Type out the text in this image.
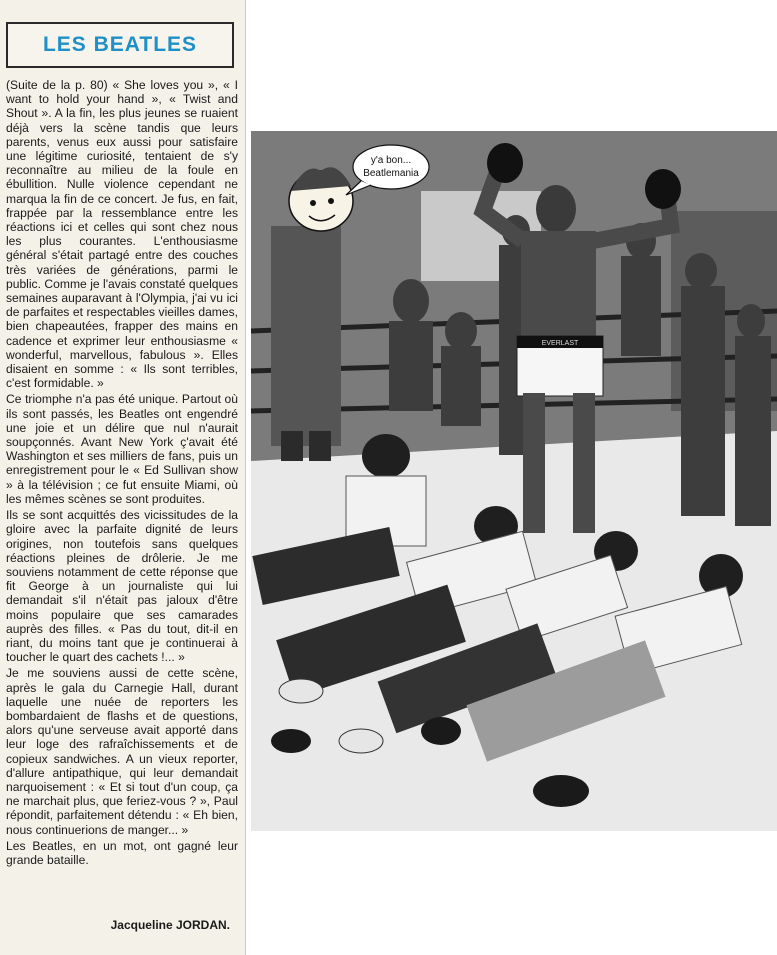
LES BEATLES

(Suite de la p. 80) « She loves you », « I want to hold your hand », « Twist and Shout ». A la fin, les plus jeunes se ruaient déjà vers la scène tandis que leurs parents, venus eux aussi pour satisfaire une légitime curiosité, tentaient de s'y reconnaître au milieu de la foule en ébullition. Nulle violence cependant ne marqua la fin de ce concert. Je fus, en fait, frappée par la ressemblance entre les réactions ici et celles qui sont chez nous les plus courantes. L'enthousiasme général s'était partagé entre des couches très variées de générations, parmi le public. Comme je l'avais constaté quelques semaines auparavant à l'Olympia, j'ai vu ici de parfaites et respectables vieilles dames, bien chapeautées, frapper des mains en cadence et exprimer leur enthousiasme « wonderful, marvellous, fabulous ». Elles disaient en somme : « Ils sont terribles, c'est formidable. »

Ce triomphe n'a pas été unique. Partout où ils sont passés, les Beatles ont engendré une joie et un délire que nul n'aurait soupçonnés. Avant New York ç'avait été Washington et ses milliers de fans, puis un enregistrement pour le « Ed Sullivan show » à la télévision ; ce fut ensuite Miami, où les mêmes scènes se sont produites.

Ils se sont acquittés des vicissitudes de la gloire avec la parfaite dignité de leurs origines, non toutefois sans quelques réactions pleines de drôlerie. Je me souviens notamment de cette réponse que fit George à un journaliste qui lui demandait s'il n'était pas jaloux d'être moins populaire que ses camarades auprès des filles. « Pas du tout, dit-il en riant, du moins tant que je continuerai à toucher le quart des cachets !... »

Je me souviens aussi de cette scène, après le gala du Carnegie Hall, durant laquelle une nuée de reporters les bombardaient de flashs et de questions, alors qu'une serveuse avait apporté dans leur loge des rafraîchissements et de copieux sandwiches. A un vieux reporter, d'allure antipathique, qui leur demandait narquoisement : « Et si tout d'un coup, ça ne marchait plus, que feriez-vous ? », Paul répondit, parfaitement détendu : « Eh bien, nous continuerions de manger... »

Les Beatles, en un mot, ont gagné leur grande bataille.

Jacqueline JORDAN.
y'a bon...
Beatlemania
EVERLAST
